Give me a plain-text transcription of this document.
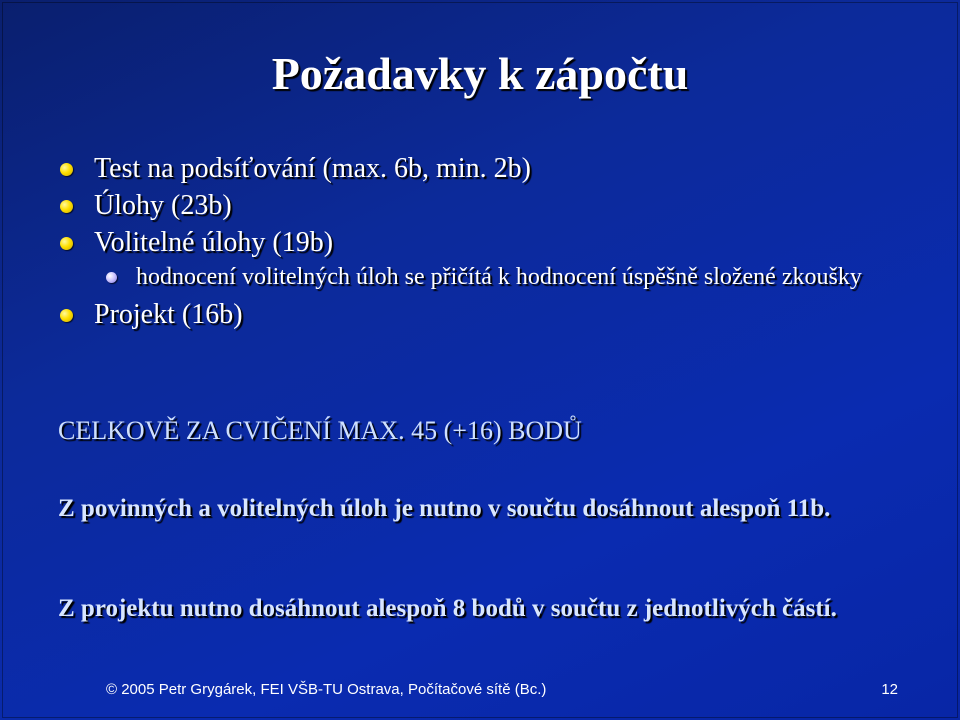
Požadavky k zápočtu
Test na podsíťování (max. 6b, min. 2b)
Úlohy (23b)
Volitelné úlohy (19b)
hodnocení volitelných úloh se přičítá k hodnocení úspěšně složené zkoušky
Projekt (16b)
CELKOVĚ ZA CVIČENÍ MAX. 45 (+16) BODŮ
Z povinných a volitelných úloh je nutno v součtu dosáhnout alespoň 11b.
Z projektu nutno dosáhnout alespoň 8 bodů v součtu z jednotlivých částí.
© 2005 Petr Grygárek, FEI VŠB-TU Ostrava, Počítačové sítě (Bc.)	12
